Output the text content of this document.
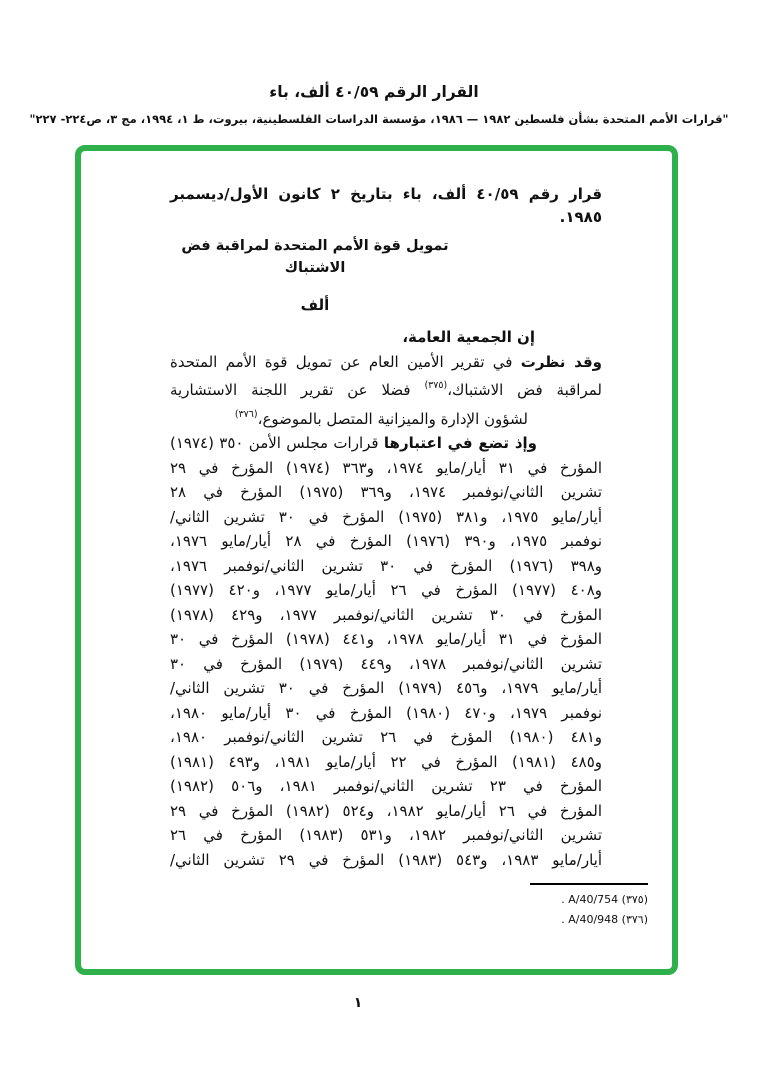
القرار الرقم ٤٠/٥٩ ألف، باء
"قرارات الأمم المتحدة بشأن فلسطين ١٩٨٢ — ١٩٨٦، مؤسسة الدراسات الفلسطينية، بيروت، ط ١، ١٩٩٤، مج ٣، ص٢٢٤- ٢٢٧"
قرار رقم ٤٠/٥٩ ألف، باء بتاريخ ٢ كانون الأول/ديسمبر
١٩٨٥.
تمويل قوة الأمم المتحدة لمراقبة فض الاشتباك
ألف
إن الجمعية العامة،
وقد نظرت في تقرير الأمين العام عن تمويل قوة الأمم المتحدة
لمراقبة فض الاشتباك،$^{(٣٧٥)}$ فضلا عن تقرير اللجنة الاستشارية
لشؤون الإدارة والميزانية المتصل بالموضوع،$^{(٣٧٦)}$
وإذ تضع في اعتبارها قرارات مجلس الأمن ٣٥٠ (١٩٧٤)
المؤرخ في ٣١ أيار/مايو ١٩٧٤، و٣٦٣ (١٩٧٤) المؤرخ في ٢٩
تشرين الثاني/نوفمبر ١٩٧٤، و٣٦٩ (١٩٧٥) المؤرخ في ٢٨
أيار/مايو ١٩٧٥، و٣٨١ (١٩٧٥) المؤرخ في ٣٠ تشرين الثاني/
نوفمبر ١٩٧٥، و٣٩٠ (١٩٧٦) المؤرخ في ٢٨ أيار/مايو ١٩٧٦،
و٣٩٨ (١٩٧٦) المؤرخ في ٣٠ تشرين الثاني/نوفمبر ١٩٧٦،
و٤٠٨ (١٩٧٧) المؤرخ في ٢٦ أيار/مايو ١٩٧٧، و٤٢٠ (١٩٧٧)
المؤرخ في ٣٠ تشرين الثاني/نوفمبر ١٩٧٧، و٤٢٩ (١٩٧٨)
المؤرخ في ٣١ أيار/مايو ١٩٧٨، و٤٤١ (١٩٧٨) المؤرخ في ٣٠
تشرين الثاني/نوفمبر ١٩٧٨، و٤٤٩ (١٩٧٩) المؤرخ في ٣٠
أيار/مايو ١٩٧٩، و٤٥٦ (١٩٧٩) المؤرخ في ٣٠ تشرين الثاني/
نوفمبر ١٩٧٩، و٤٧٠ (١٩٨٠) المؤرخ في ٣٠ أيار/مايو ١٩٨٠،
و٤٨١ (١٩٨٠) المؤرخ في ٢٦ تشرين الثاني/نوفمبر ١٩٨٠،
و٤٨٥ (١٩٨١) المؤرخ في ٢٢ أيار/مايو ١٩٨١، و٤٩٣ (١٩٨١)
المؤرخ في ٢٣ تشرين الثاني/نوفمبر ١٩٨١، و٥٠٦ (١٩٨٢)
المؤرخ في ٢٦ أيار/مايو ١٩٨٢، و٥٢٤ (١٩٨٢) المؤرخ في ٢٩
تشرين الثاني/نوفمبر ١٩٨٢، و٥٣١ (١٩٨٣) المؤرخ في ٢٦
أيار/مايو ١٩٨٣، و٥٤٣ (١٩٨٣) المؤرخ في ٢٩ تشرين الثاني/
(٣٧٥) A/40/754 .
(٣٧٦) A/40/948 .
١
